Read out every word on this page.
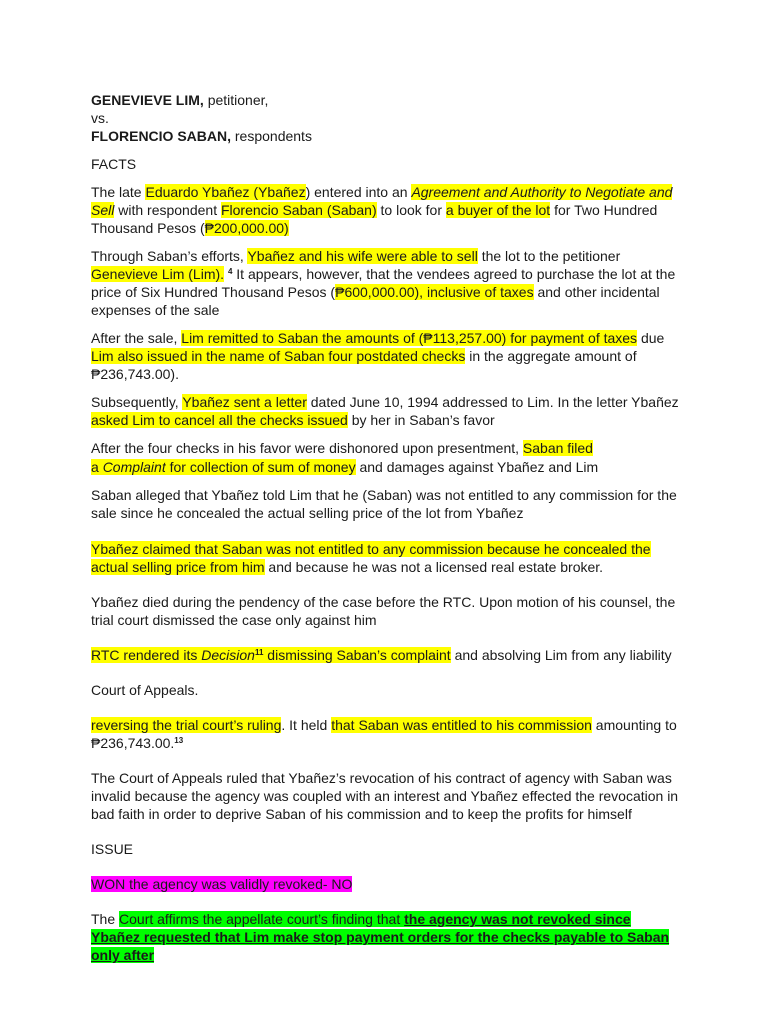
GENEVIEVE LIM, petitioner,
vs.
FLORENCIO SABAN, respondents

FACTS

The late Eduardo Ybañez (Ybañez) entered into an Agreement and Authority to Negotiate and Sell with respondent Florencio Saban (Saban) to look for a buyer of the lot for Two Hundred Thousand Pesos (₱200,000.00)

Through Saban’s efforts, Ybañez and his wife were able to sell the lot to the petitioner Genevieve Lim (Lim). $^4$ It appears, however, that the vendees agreed to purchase the lot at the price of Six Hundred Thousand Pesos (₱600,000.00), inclusive of taxes and other incidental expenses of the sale

After the sale, Lim remitted to Saban the amounts of (₱113,257.00) for payment of taxes due Lim also issued in the name of Saban four postdated checks in the aggregate amount of ₱236,743.00).

Subsequently, Ybañez sent a letter dated June 10, 1994 addressed to Lim. In the letter Ybañez asked Lim to cancel all the checks issued by her in Saban’s favor

After the four checks in his favor were dishonored upon presentment, Saban filed
a Complaint for collection of sum of money and damages against Ybañez and Lim

Saban alleged that Ybañez told Lim that he (Saban) was not entitled to any commission for the sale since he concealed the actual selling price of the lot from Ybañez

Ybañez claimed that Saban was not entitled to any commission because he concealed the actual selling price from him and because he was not a licensed real estate broker.

Ybañez died during the pendency of the case before the RTC. Upon motion of his counsel, the trial court dismissed the case only against him

RTC rendered its Decision$^{11}$ dismissing Saban’s complaint and absolving Lim from any liability

Court of Appeals.

reversing the trial court’s ruling. It held that Saban was entitled to his commission amounting to ₱236,743.00.13

The Court of Appeals ruled that Ybañez’s revocation of his contract of agency with Saban was invalid because the agency was coupled with an interest and Ybañez effected the revocation in bad faith in order to deprive Saban of his commission and to keep the profits for himself

ISSUE

WON the agency was validly revoked- NO

The Court affirms the appellate court’s finding that the agency was not revoked since Ybañez requested that Lim make stop payment orders for the checks payable to Saban only after
